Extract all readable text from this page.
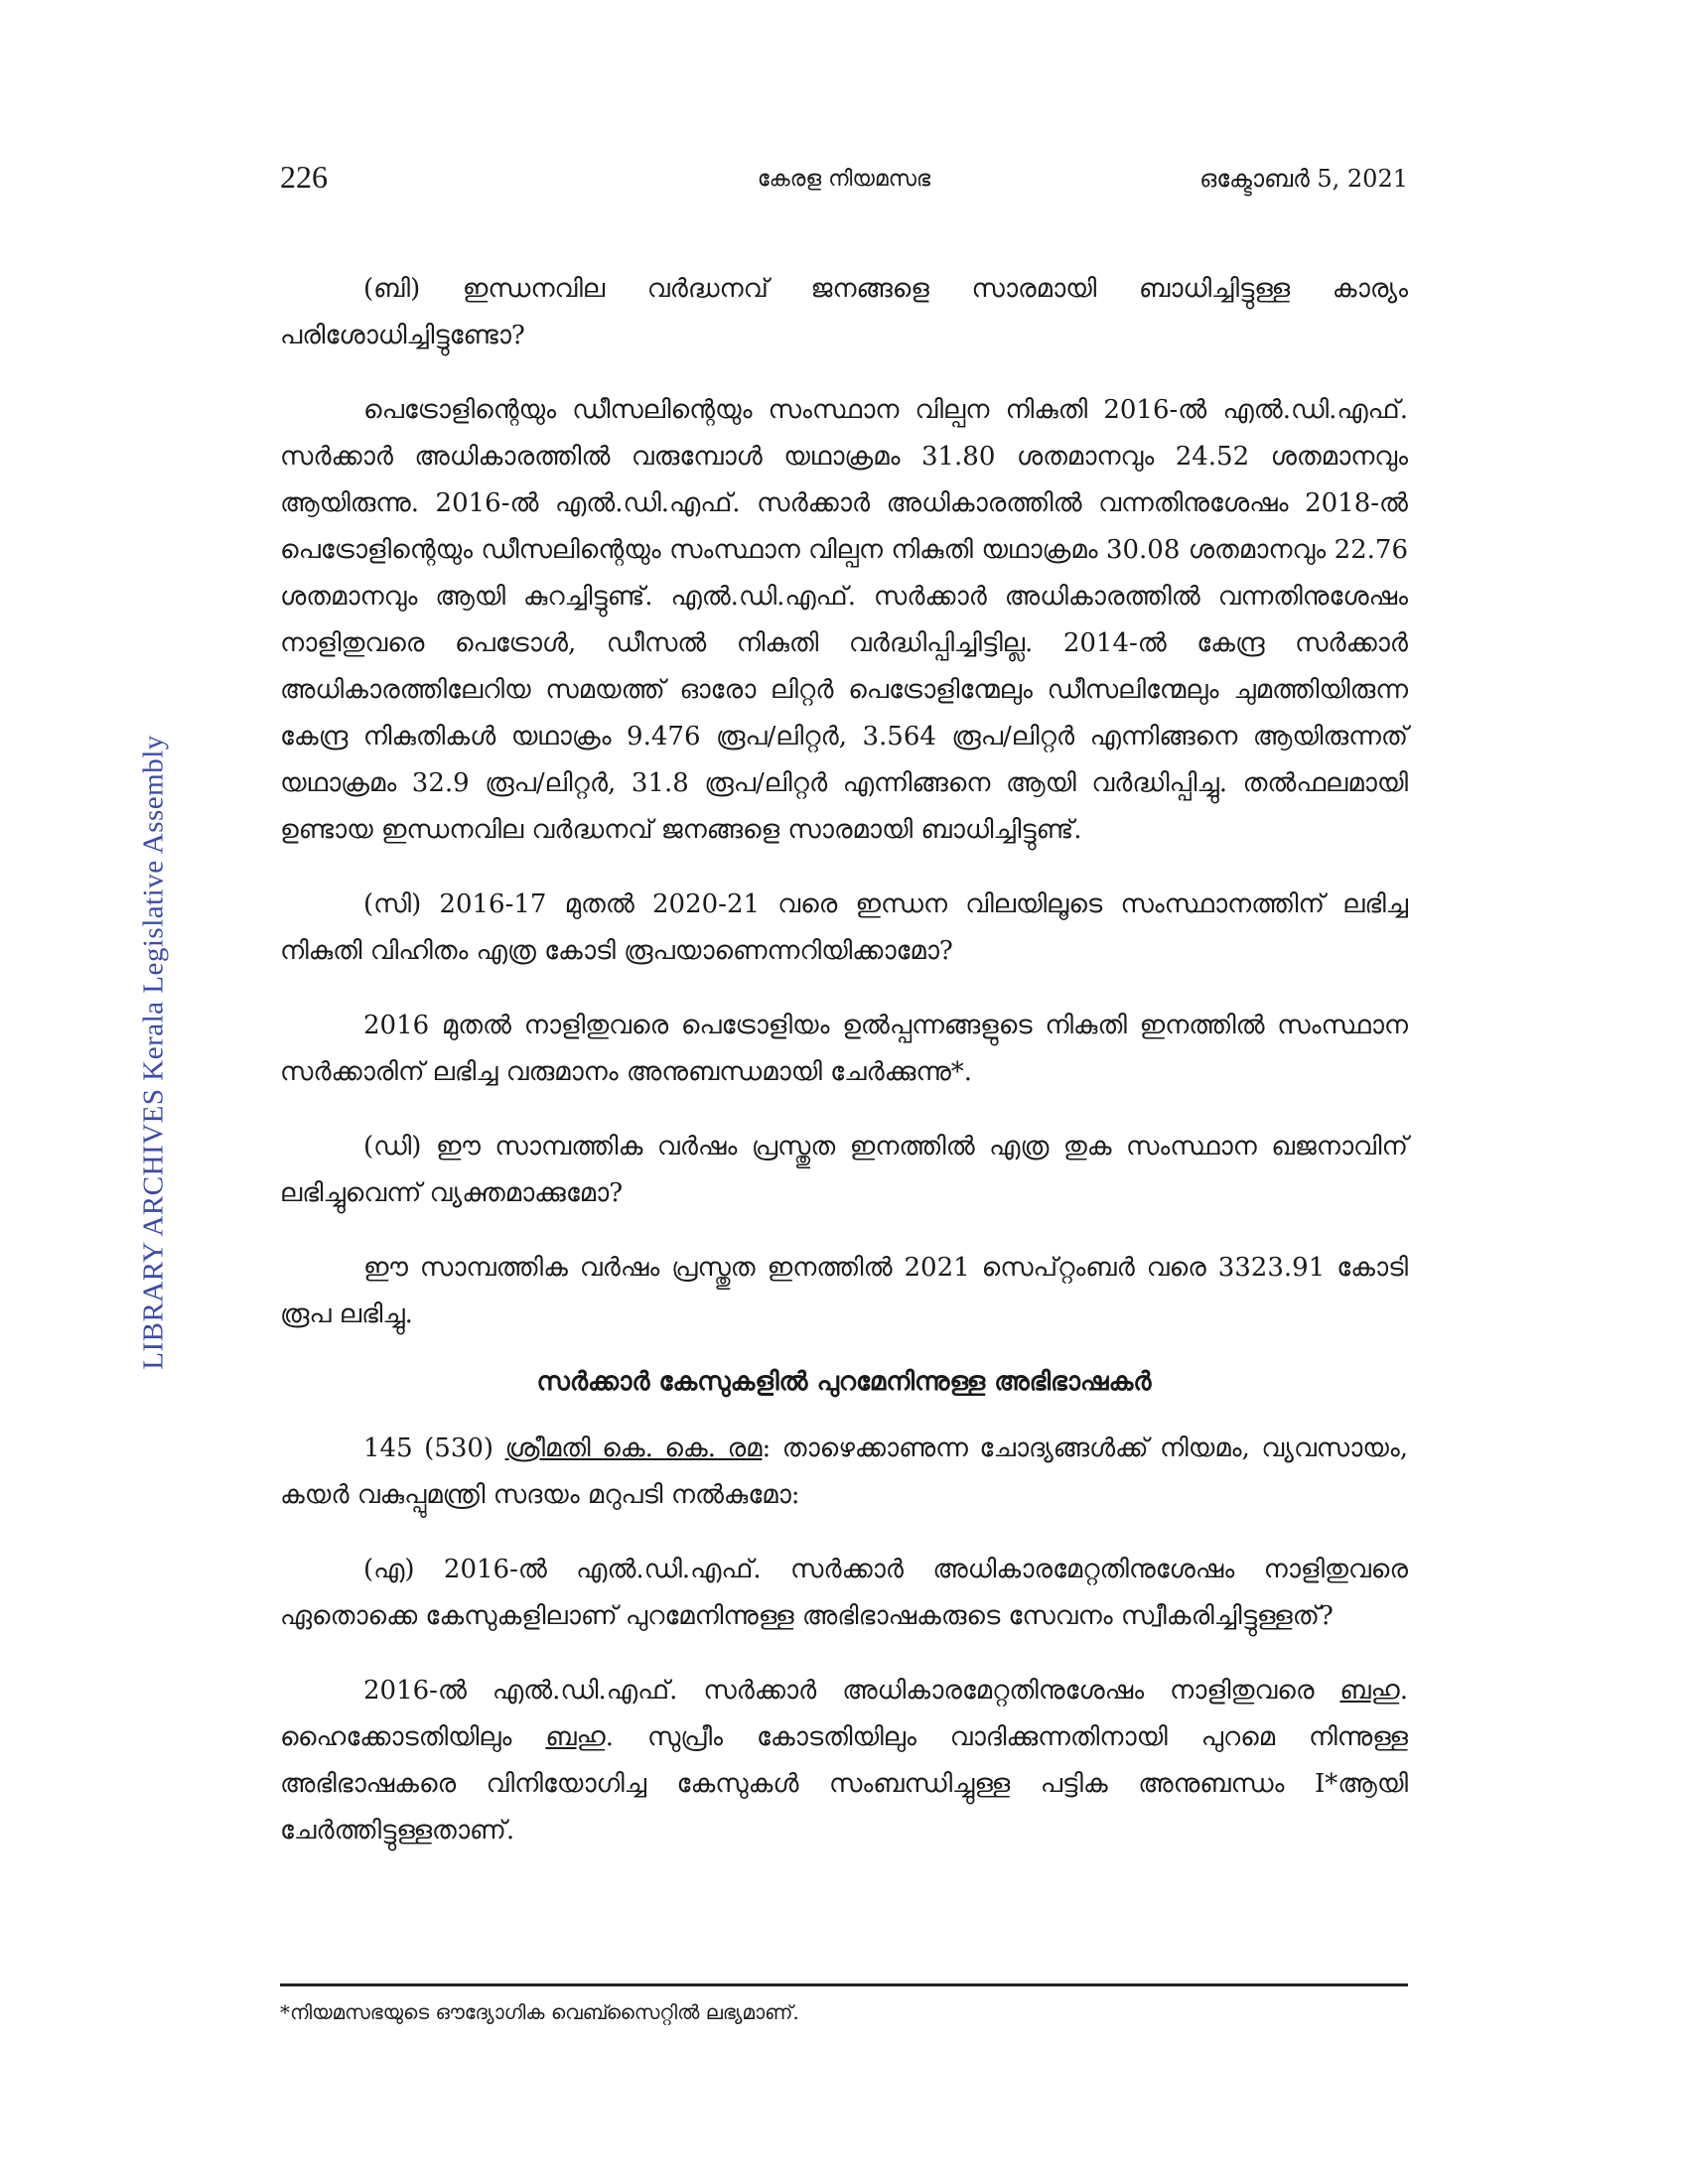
226	കേരള നിയമസഭ	ഒക്ടോബർ 5, 2021
LIBRARY ARCHIVES Kerala Legislative Assembly

(ബി) ഇന്ധനവില വർദ്ധനവ് ജനങ്ങളെ സാരമായി ബാധിച്ചിട്ടുള്ള കാര്യം പരിശോധിച്ചിട്ടുണ്ടോ?

പെട്രോളിന്റെയും ഡീസലിന്റെയും സംസ്ഥാന വില്പന നികുതി 2016-ൽ എൽ.ഡി.എഫ്. സർക്കാർ അധികാരത്തിൽ വരുമ്പോൾ യഥാക്രമം 31.80 ശതമാനവും 24.52 ശതമാനവും ആയിരുന്നു. 2016-ൽ എൽ.ഡി.എഫ്. സർക്കാർ അധികാരത്തിൽ വന്നതിനുശേഷം 2018-ൽ പെട്രോളിന്റെയും ഡീസലിന്റെയും സംസ്ഥാന വില്പന നികുതി യഥാക്രമം 30.08 ശതമാനവും 22.76 ശതമാനവും ആയി കുറച്ചിട്ടുണ്ട്. എൽ.ഡി.എഫ്. സർക്കാർ അധികാരത്തിൽ വന്നതിനുശേഷം നാളിതുവരെ പെട്രോൾ, ഡീസൽ നികുതി വർദ്ധിപ്പിച്ചിട്ടില്ല. 2014-ൽ കേന്ദ്ര സർക്കാർ അധികാരത്തിലേറിയ സമയത്ത് ഓരോ ലിറ്റർ പെട്രോളിന്മേലും ഡീസലിന്മേലും ചുമത്തിയിരുന്ന കേന്ദ്ര നികുതികൾ യഥാക്രം 9.476 രൂപ/ലിറ്റർ, 3.564 രൂപ/ലിറ്റർ എന്നിങ്ങനെ ആയിരുന്നത് യഥാക്രമം 32.9 രൂപ/ലിറ്റർ, 31.8 രൂപ/ലിറ്റർ എന്നിങ്ങനെ ആയി വർദ്ധിപ്പിച്ചു. തൽഫലമായി ഉണ്ടായ ഇന്ധനവില വർദ്ധനവ് ജനങ്ങളെ സാരമായി ബാധിച്ചിട്ടുണ്ട്.

(സി) 2016-17 മുതൽ 2020-21 വരെ ഇന്ധന വിലയിലൂടെ സംസ്ഥാനത്തിന് ലഭിച്ച നികുതി വിഹിതം എത്ര കോടി രൂപയാണെന്നറിയിക്കാമോ?

2016 മുതൽ നാളിതുവരെ പെട്രോളിയം ഉൽപ്പന്നങ്ങളുടെ നികുതി ഇനത്തിൽ സംസ്ഥാന സർക്കാരിന് ലഭിച്ച വരുമാനം അനുബന്ധമായി ചേർക്കുന്നു*.

(ഡി) ഈ സാമ്പത്തിക വർഷം പ്രസ്തുത ഇനത്തിൽ എത്ര തുക സംസ്ഥാന ഖജനാവിന് ലഭിച്ചുവെന്ന് വ്യക്തമാക്കുമോ?

ഈ സാമ്പത്തിക വർഷം പ്രസ്തുത ഇനത്തിൽ 2021 സെപ്റ്റംബർ വരെ 3323.91 കോടി രൂപ ലഭിച്ചു.

സർക്കാർ കേസുകളിൽ പുറമേനിന്നുള്ള അഭിഭാഷകർ

145 (530) ശ്രീമതി കെ. കെ. രമ: താഴെക്കാണുന്ന ചോദ്യങ്ങൾക്ക് നിയമം, വ്യവസായം, കയർ വകുപ്പുമന്ത്രി സദയം മറുപടി നൽകുമോ:

(എ) 2016-ൽ എൽ.ഡി.എഫ്. സർക്കാർ അധികാരമേറ്റതിനുശേഷം നാളിതുവരെ ഏതൊക്കെ കേസുകളിലാണ് പുറമേനിന്നുള്ള അഭിഭാഷകരുടെ സേവനം സ്വീകരിച്ചിട്ടുള്ളത്?

2016-ൽ എൽ.ഡി.എഫ്. സർക്കാർ അധികാരമേറ്റതിനുശേഷം നാളിതുവരെ ബഹു. ഹൈക്കോടതിയിലും ബഹു. സുപ്രീം കോടതിയിലും വാദിക്കുന്നതിനായി പുറമെ നിന്നുള്ള അഭിഭാഷകരെ വിനിയോഗിച്ച കേസുകൾ സംബന്ധിച്ചുള്ള പട്ടിക അനുബന്ധം I*ആയി ചേർത്തിട്ടുള്ളതാണ്.

*നിയമസഭയുടെ ഔദ്യോഗിക വെബ്സൈറ്റിൽ ലഭ്യമാണ്.
